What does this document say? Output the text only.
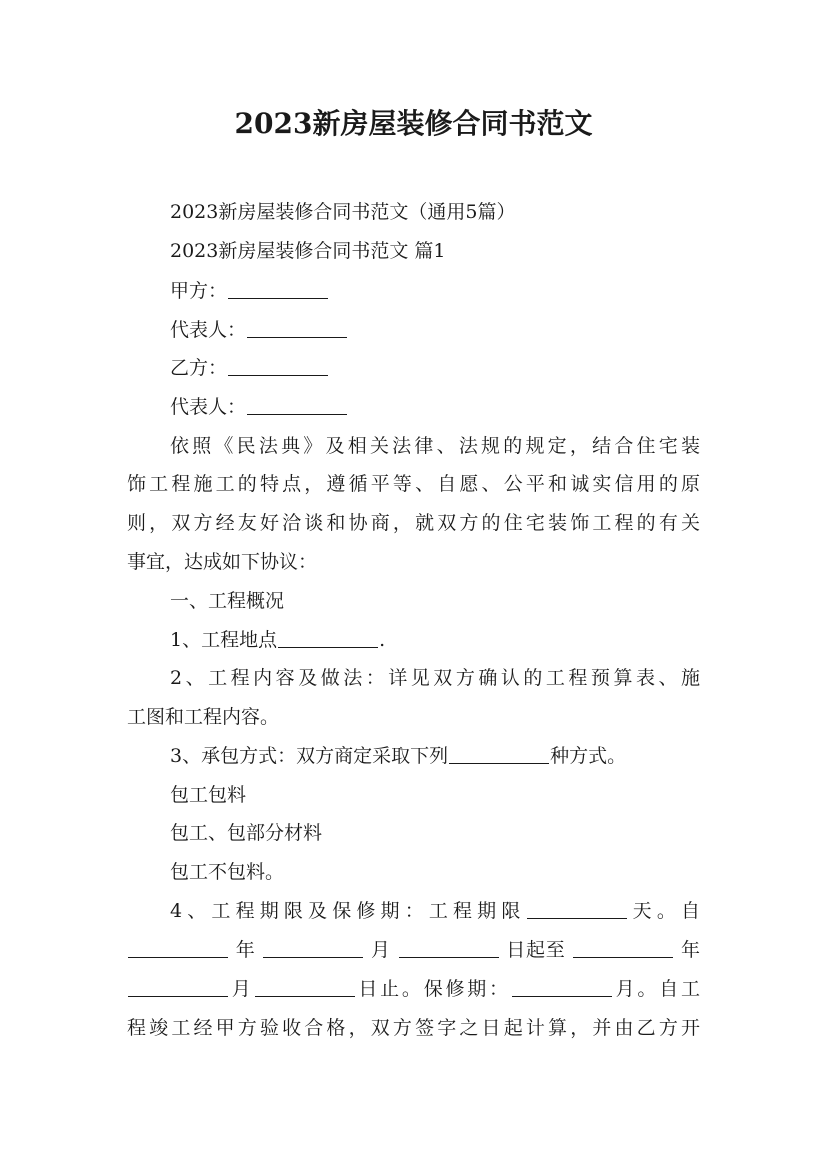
2023新房屋装修合同书范文
2023新房屋装修合同书范文（通用5篇）
2023新房屋装修合同书范文 篇1
甲方：
代表人：
乙方：
代表人：
依照《民法典》及相关法律、法规的规定，结合住宅装
饰工程施工的特点，遵循平等、自愿、公平和诚实信用的原
则，双方经友好洽谈和协商，就双方的住宅装饰工程的有关
事宜，达成如下协议：
一、工程概况
1、工程地点	.
2、工程内容及做法：详见双方确认的工程预算表、施
工图和工程内容。
3、承包方式：双方商定采取下列	种方式。
包工包料
包工、包部分材料
包工不包料。
4、工程期限及保修期：工程期限	天。自
年	月	日起至	年
月	日止。保修期：	月。自工
程竣工经甲方验收合格，双方签字之日起计算，并由乙方开
